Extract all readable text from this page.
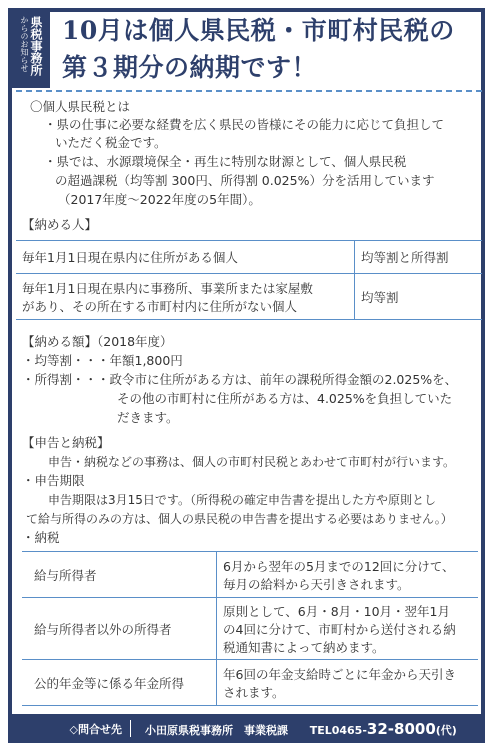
県税事務所
からのお知らせ 10月は個人県民税・市町村民税の
第３期分の納期です！
〇個人県民税とは
・県の仕事に必要な経費を広く県民の皆様にその能力に応じて負担して
いただく税金です。
・県では、水源環境保全・再生に特別な財源として、個人県民税
の超過課税（均等割 300円、所得割 0.025%）分を活用しています
（2017年度～2022年度の5年間）。
【納める人】
毎年1月1日現在県内に住所がある個人	均等割と所得割

毎年1月1日現在県内に事務所、事業所または家屋敷
があり、その所在する市町村内に住所がない個人	均等割
【納める額】（2018年度）
・均等割・・・年額1,800円
・所得割・・・政令市に住所がある方は、前年の課税所得金額の2.025%を、
その他の市町村に住所がある方は、4.025%を負担していた
だきます。
【申告と納税】
申告・納税などの事務は、個人の市町村民税とあわせて市町村が行います。
・申告期限
申告期限は3月15日です。（所得税の確定申告書を提出した方や原則とし
て給与所得のみの方は、個人の県民税の申告書を提出する必要はありません。）
・納税
給与所得者	6月から翌年の5月までの12回に分けて、
毎月の給料から天引きされます。

給与所得者以外の所得者	原則として、6月・8月・10月・翌年1月
の4回に分けて、市町村から送付される納
税通知書によって納めます。

公的年金等に係る年金所得	年6回の年金支給時ごとに年金から天引き
されます。
◇問合せ先	小田原県税事務所　事業税課 TEL0465-32-8000(代)
